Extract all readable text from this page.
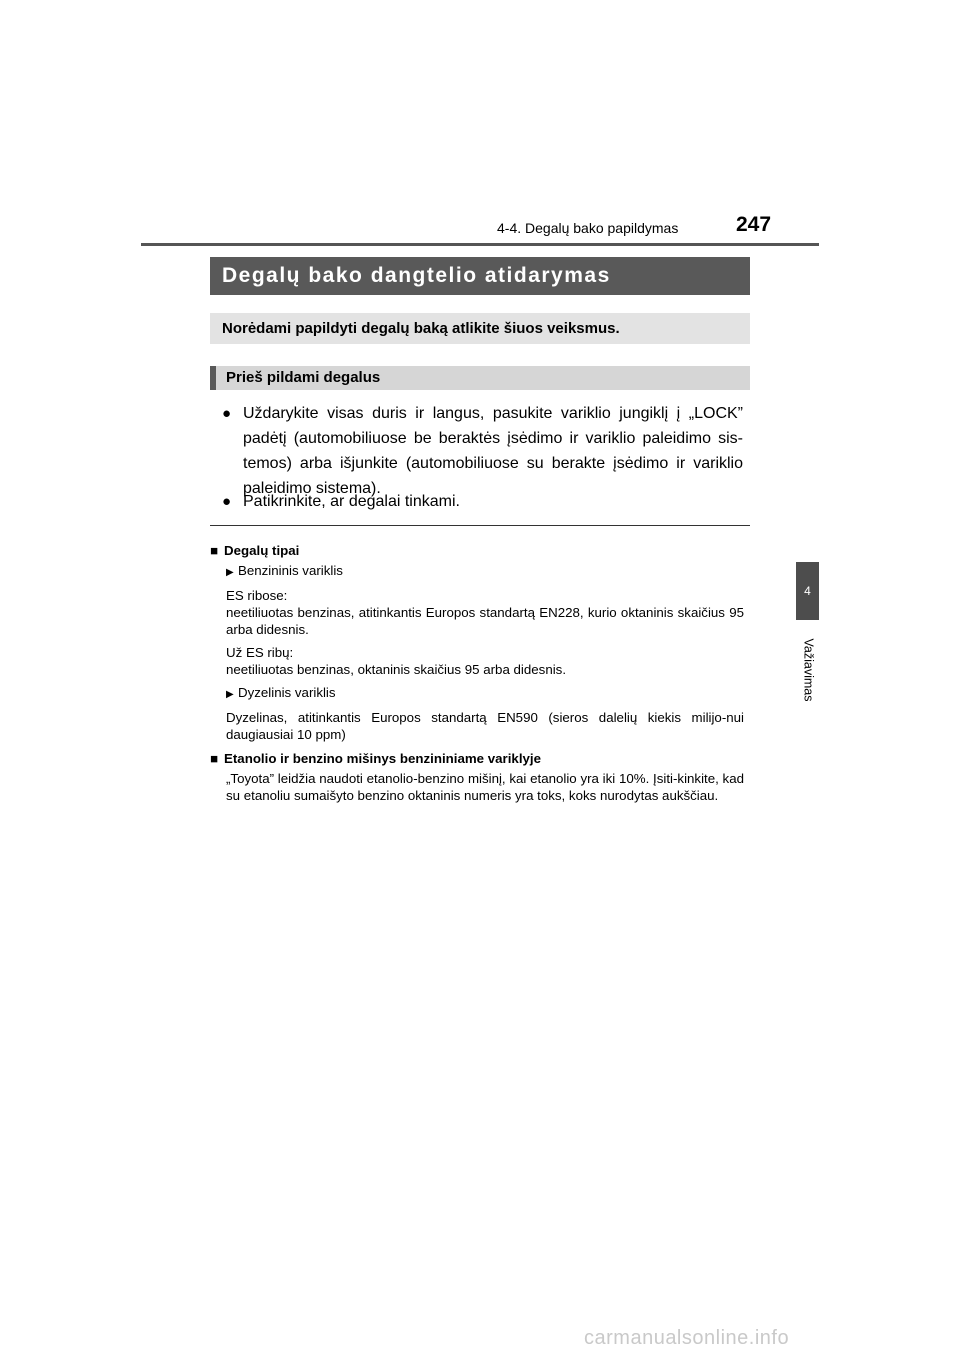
4-4. Degalų bako papildymas	247
4
Važiavimas
Degalų bako dangtelio atidarymas
Norėdami papildyti degalų baką atlikite šiuos veiksmus.
Prieš pildami degalus
● Uždarykite visas duris ir langus, pasukite variklio jungiklį į „LOCK” padėtį (automobiliuose be beraktės įsėdimo ir variklio paleidimo sis-temos) arba išjunkite (automobiliuose su berakte įsėdimo ir variklio paleidimo sistema).
● Patikrinkite, ar degalai tinkami.
■ Degalų tipai
▶ Benzininis variklis
ES ribose:
neetiliuotas benzinas, atitinkantis Europos standartą EN228, kurio oktaninis skaičius 95 arba didesnis.
Už ES ribų:
neetiliuotas benzinas, oktaninis skaičius 95 arba didesnis.
▶ Dyzelinis variklis
Dyzelinas, atitinkantis Europos standartą EN590 (sieros dalelių kiekis milijo-nui daugiausiai 10 ppm)
■ Etanolio ir benzino mišinys benzininiame variklyje
„Toyota” leidžia naudoti etanolio-benzino mišinį, kai etanolio yra iki 10%. Įsiti-kinkite, kad su etanoliu sumaišyto benzino oktaninis numeris yra toks, koks nurodytas aukščiau.
carmanualsonline.info
